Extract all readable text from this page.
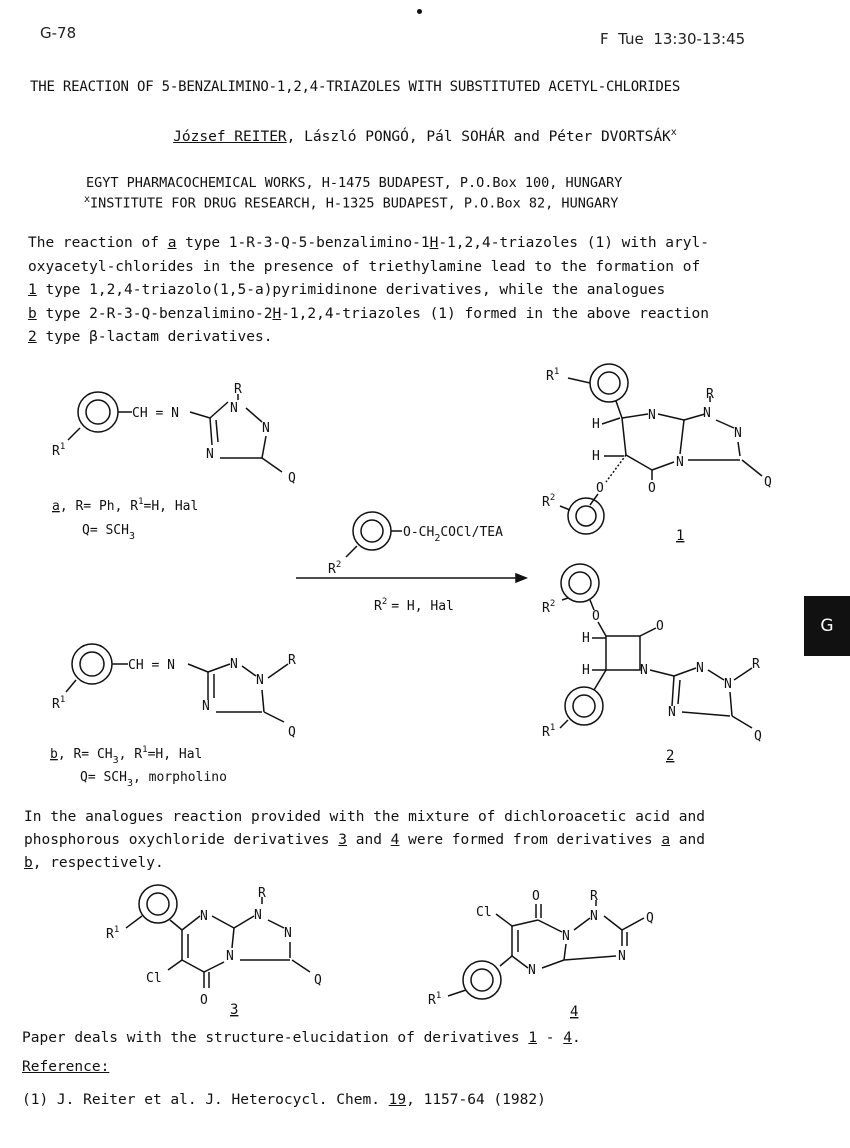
G-78	F  Tue  13:30-13:45
THE REACTION OF 5-BENZALIMINO-1,2,4-TRIAZOLES WITH SUBSTITUTED ACETYL-CHLORIDES
József REITER, László PONGÓ, Pál SOHÁR and Péter DVORTSÁK$^x$
EGYT PHARMACOCHEMICAL WORKS, H-1475 BUDAPEST, P.O.Box 100, HUNGARY
$^x$INSTITUTE FOR DRUG RESEARCH, H-1325 BUDAPEST, P.O.Box 82, HUNGARY
The reaction of a type 1-R-3-Q-5-benzalimino-1H-1,2,4-triazoles (1) with aryl-
oxyacetyl-chlorides in the presence of triethylamine lead to the formation of
1 type 1,2,4-triazolo(1,5-a)pyrimidinone derivatives, while the analogues
b type 2-R-3-Q-benzalimino-2H-1,2,4-triazoles (1) formed in the above reaction
2 type β-lactam derivatives.
G
$R^1$
CH = N
N
N
N
R
Q
a, R= Ph, $R^1=H$, Hal
$Q= SCH_3$
$R^2$
$O-CH_2COCl$/TEA
$R^2 = H$, Hal
$R^1$
H
N	N
R
N
N
Q
H
O
O
$R^2$
1
$R^2$
O
H
O
H	N	N
N
R
N
Q
$R^1$
2
$R^1$
CH = N	N
N
R
N
Q
b, $R= CH_3$, $R^1=H$, Hal
$Q= SCH_3$, morpholino
In the analogues reaction provided with the mixture of dichloroacetic acid and
phosphorous oxychloride derivatives 3 and 4 were formed from derivatives a and
b, respectively.
$R^1$
N	N
R
N
N
Q
Cl
O
3
O
Cl
N
N
R
Q
N
N
$R^1$
4
Paper deals with the structure-elucidation of derivatives 1 - 4.
Reference:
(1) J. Reiter et al. J. Heterocycl. Chem. 19, 1157-64 (1982)
